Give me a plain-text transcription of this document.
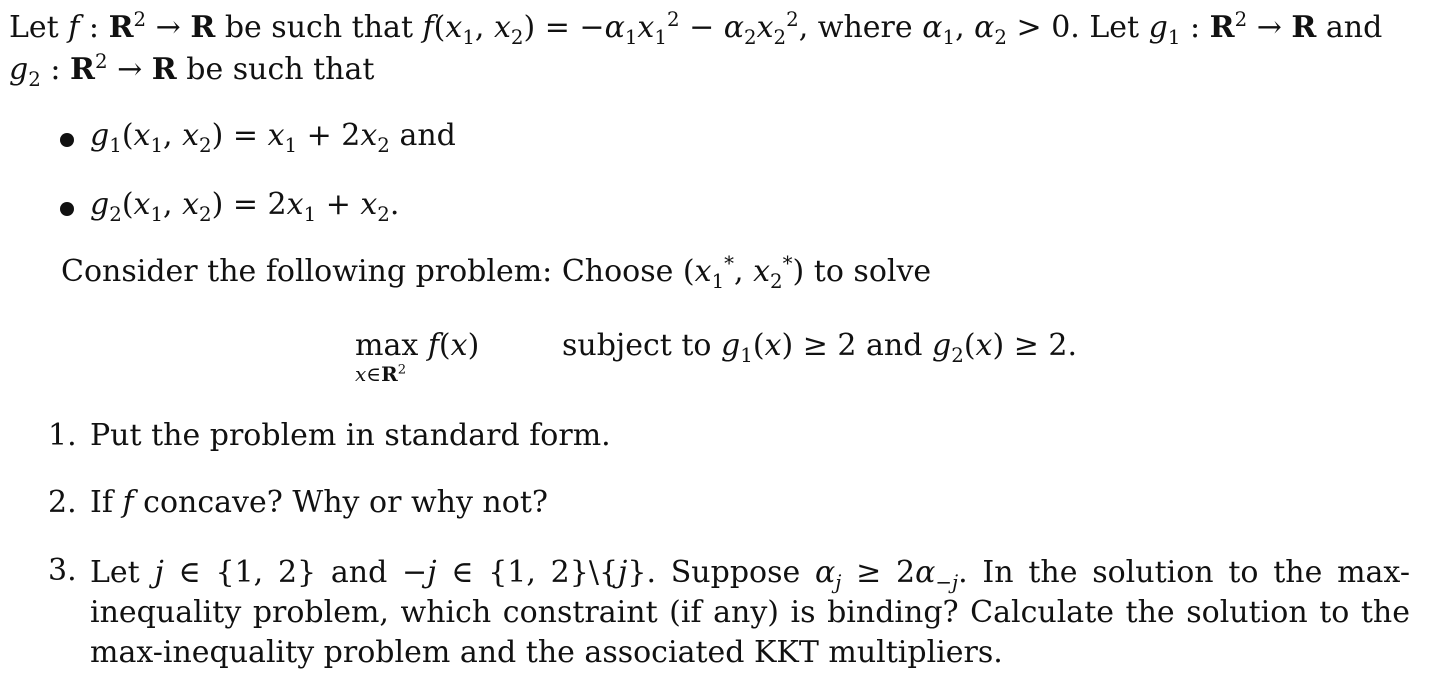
Let f : $R^2 \to R$ be such that $f(x_1$, $x_2) = -\alpha_1x_1^2 - \alpha_2x_2^2$, where $\alpha_1$, $\alpha_2 > 0$. Let $g_1$ : $R^2 \to R$ and
$g_2$ : $R^2 \to R$ be such that
$g_1(x_1$, $x_2) = x_1 + 2x_2$ and
$g_2(x_1$, $x_2) = 2x_1 + x_2$.
Consider the following problem: Choose ($x_1^*$, $x_2^*$) to solve
max f(x)
$x\in R^2$
subject to $g_1(x) \ge 2$ and $g_2(x) \ge 2$.
1. Put the problem in standard form.
2. If f concave? Why or why not?
3. Let j ∈ {1, 2} and −j ∈ {1, 2}\{j}. Suppose $\alpha_j \ge 2\alpha_{-j}$. In the solution to the max-inequality problem, which constraint (if any) is binding? Calculate the solution to the max-inequality problem and the associated KKT multipliers.
